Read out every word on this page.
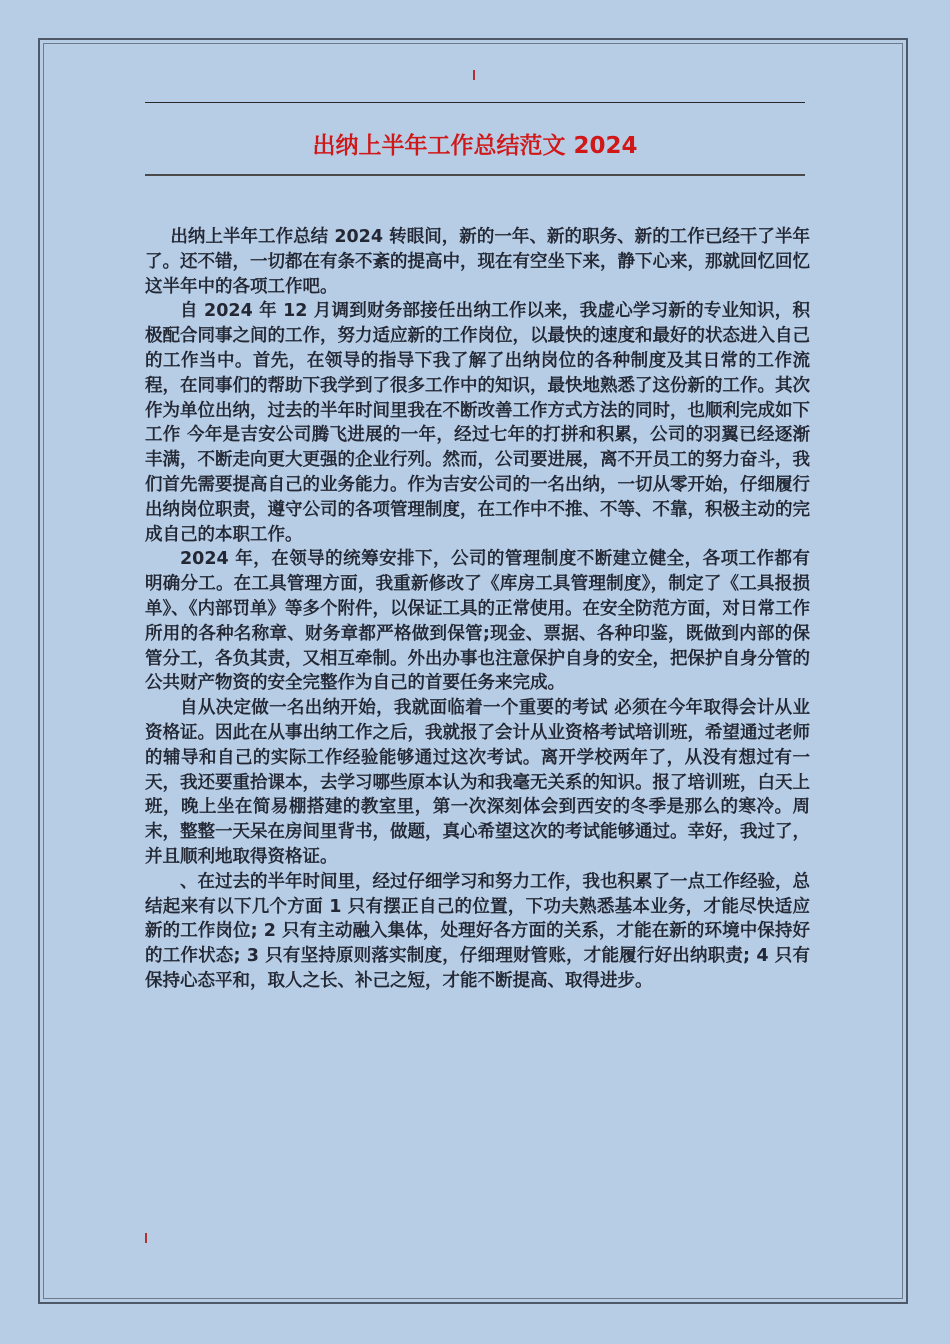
出纳上半年工作总结范文 2024

出纳上半年工作总结 2024 转眼间，新的一年、新的职务、新的工作已经干了半年了。还不错，一切都在有条不紊的提高中，现在有空坐下来，静下心来，那就回忆回忆这半年中的各项工作吧。

自 2024 年 12 月调到财务部接任出纳工作以来，我虚心学习新的专业知识，积极配合同事之间的工作，努力适应新的工作岗位，以最快的速度和最好的状态进入自己的工作当中。首先，在领导的指导下我了解了出纳岗位的各种制度及其日常的工作流程，在同事们的帮助下我学到了很多工作中的知识，最快地熟悉了这份新的工作。其次作为单位出纳，过去的半年时间里我在不断改善工作方式方法的同时，也顺利完成如下工作 今年是吉安公司腾飞进展的一年，经过七年的打拼和积累，公司的羽翼已经逐渐丰满，不断走向更大更强的企业行列。然而，公司要进展，离不开员工的努力奋斗，我们首先需要提高自己的业务能力。作为吉安公司的一名出纳，一切从零开始，仔细履行出纳岗位职责，遵守公司的各项管理制度，在工作中不推、不等、不靠，积极主动的完成自己的本职工作。

2024 年，在领导的统筹安排下，公司的管理制度不断建立健全，各项工作都有明确分工。在工具管理方面，我重新修改了《库房工具管理制度》，制定了《工具报损单》、《内部罚单》等多个附件，以保证工具的正常使用。在安全防范方面，对日常工作所用的各种名称章、财务章都严格做到保管;现金、票据、各种印鉴，既做到内部的保管分工，各负其责，又相互牵制。外出办事也注意保护自身的安全，把保护自身分管的公共财产物资的安全完整作为自己的首要任务来完成。

自从决定做一名出纳开始，我就面临着一个重要的考试 必须在今年取得会计从业资格证。因此在从事出纳工作之后，我就报了会计从业资格考试培训班，希望通过老师的辅导和自己的实际工作经验能够通过这次考试。离开学校两年了，从没有想过有一天，我还要重拾课本，去学习哪些原本认为和我毫无关系的知识。报了培训班，白天上班，晚上坐在简易棚搭建的教室里，第一次深刻体会到西安的冬季是那么的寒冷。周末，整整一天呆在房间里背书，做题，真心希望这次的考试能够通过。幸好，我过了，并且顺利地取得资格证。

、在过去的半年时间里，经过仔细学习和努力工作，我也积累了一点工作经验，总结起来有以下几个方面 1 只有摆正自己的位置，下功夫熟悉基本业务，才能尽快适应新的工作岗位; 2 只有主动融入集体，处理好各方面的关系，才能在新的环境中保持好的工作状态; 3 只有坚持原则落实制度，仔细理财管账，才能履行好出纳职责; 4 只有保持心态平和，取人之长、补己之短，才能不断提高、取得进步。
